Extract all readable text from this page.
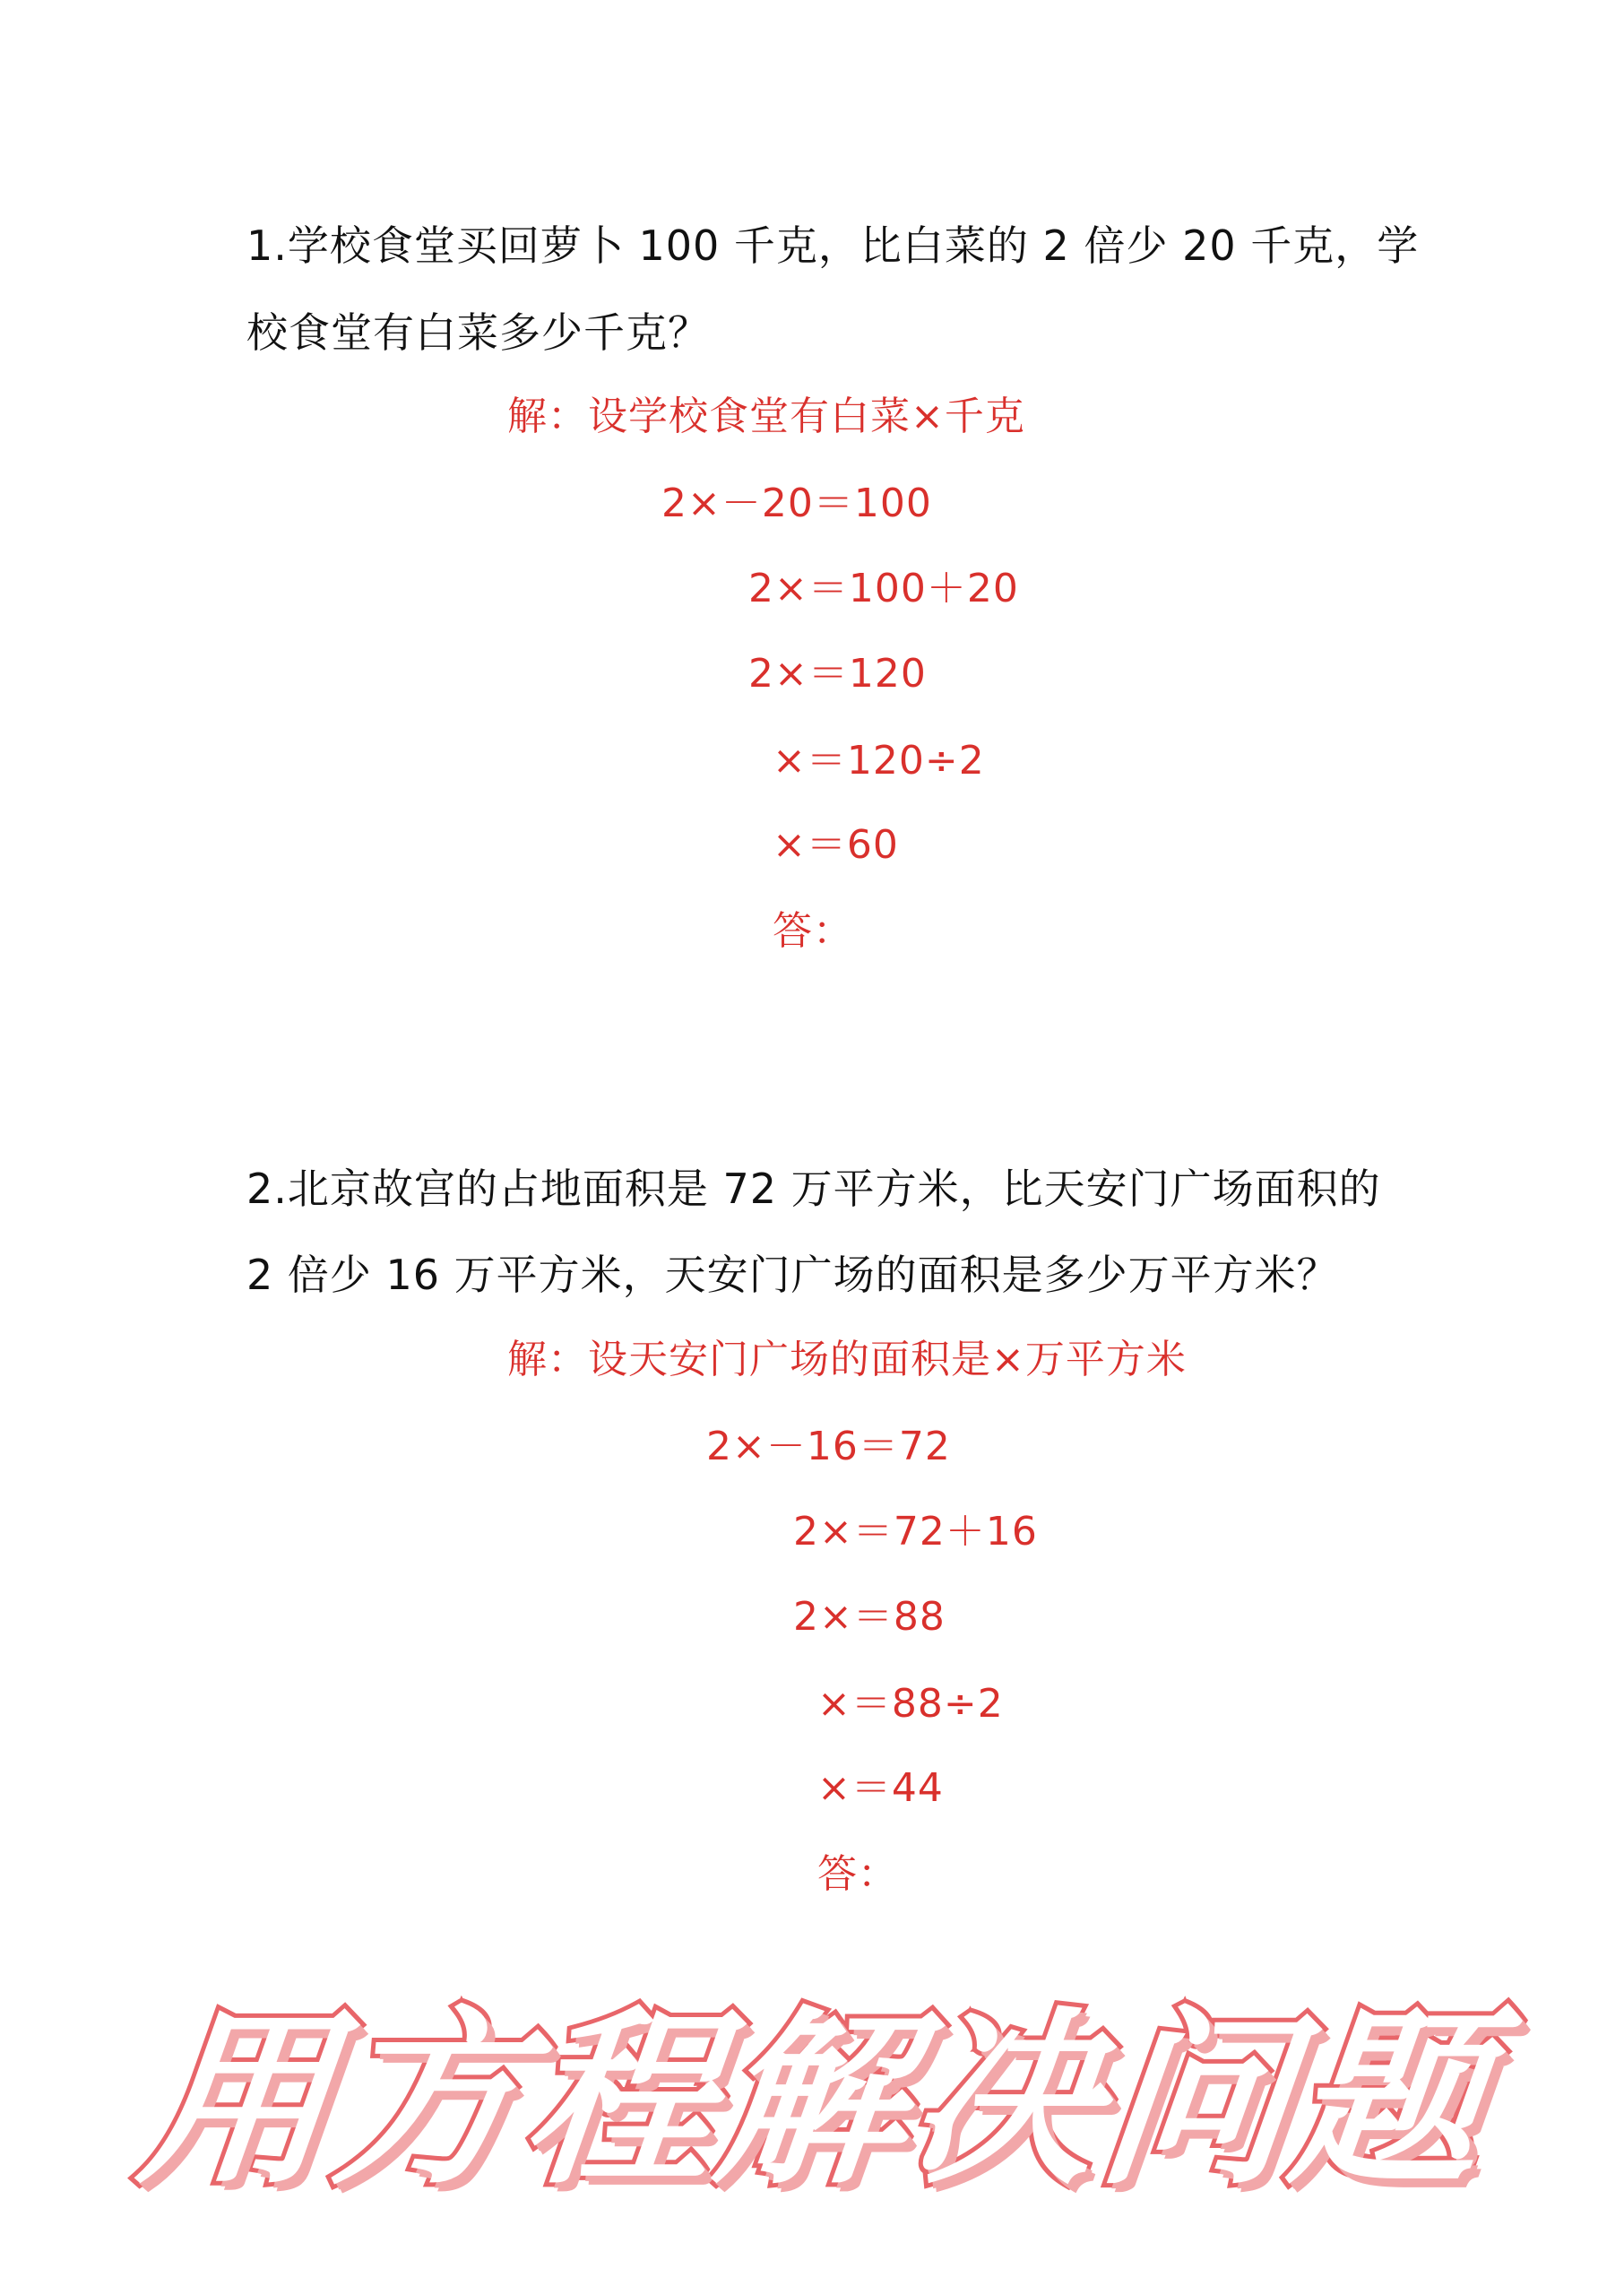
1.学校食堂买回萝卜 100 千克，比白菜的 2 倍少 20 千克，学
校食堂有白菜多少千克？
解：设学校食堂有白菜×千克
2×－20＝100
2×＝100＋20
2×＝120
×＝120÷2
×＝60
答：
2.北京故宫的占地面积是 72 万平方米，比天安门广场面积的
2 倍少 16 万平方米，天安门广场的面积是多少万平方米？
解：设天安门广场的面积是×万平方米
2×－16＝72
2×＝72＋16
2×＝88
×＝88÷2
×＝44
答：
用方程解决问题
